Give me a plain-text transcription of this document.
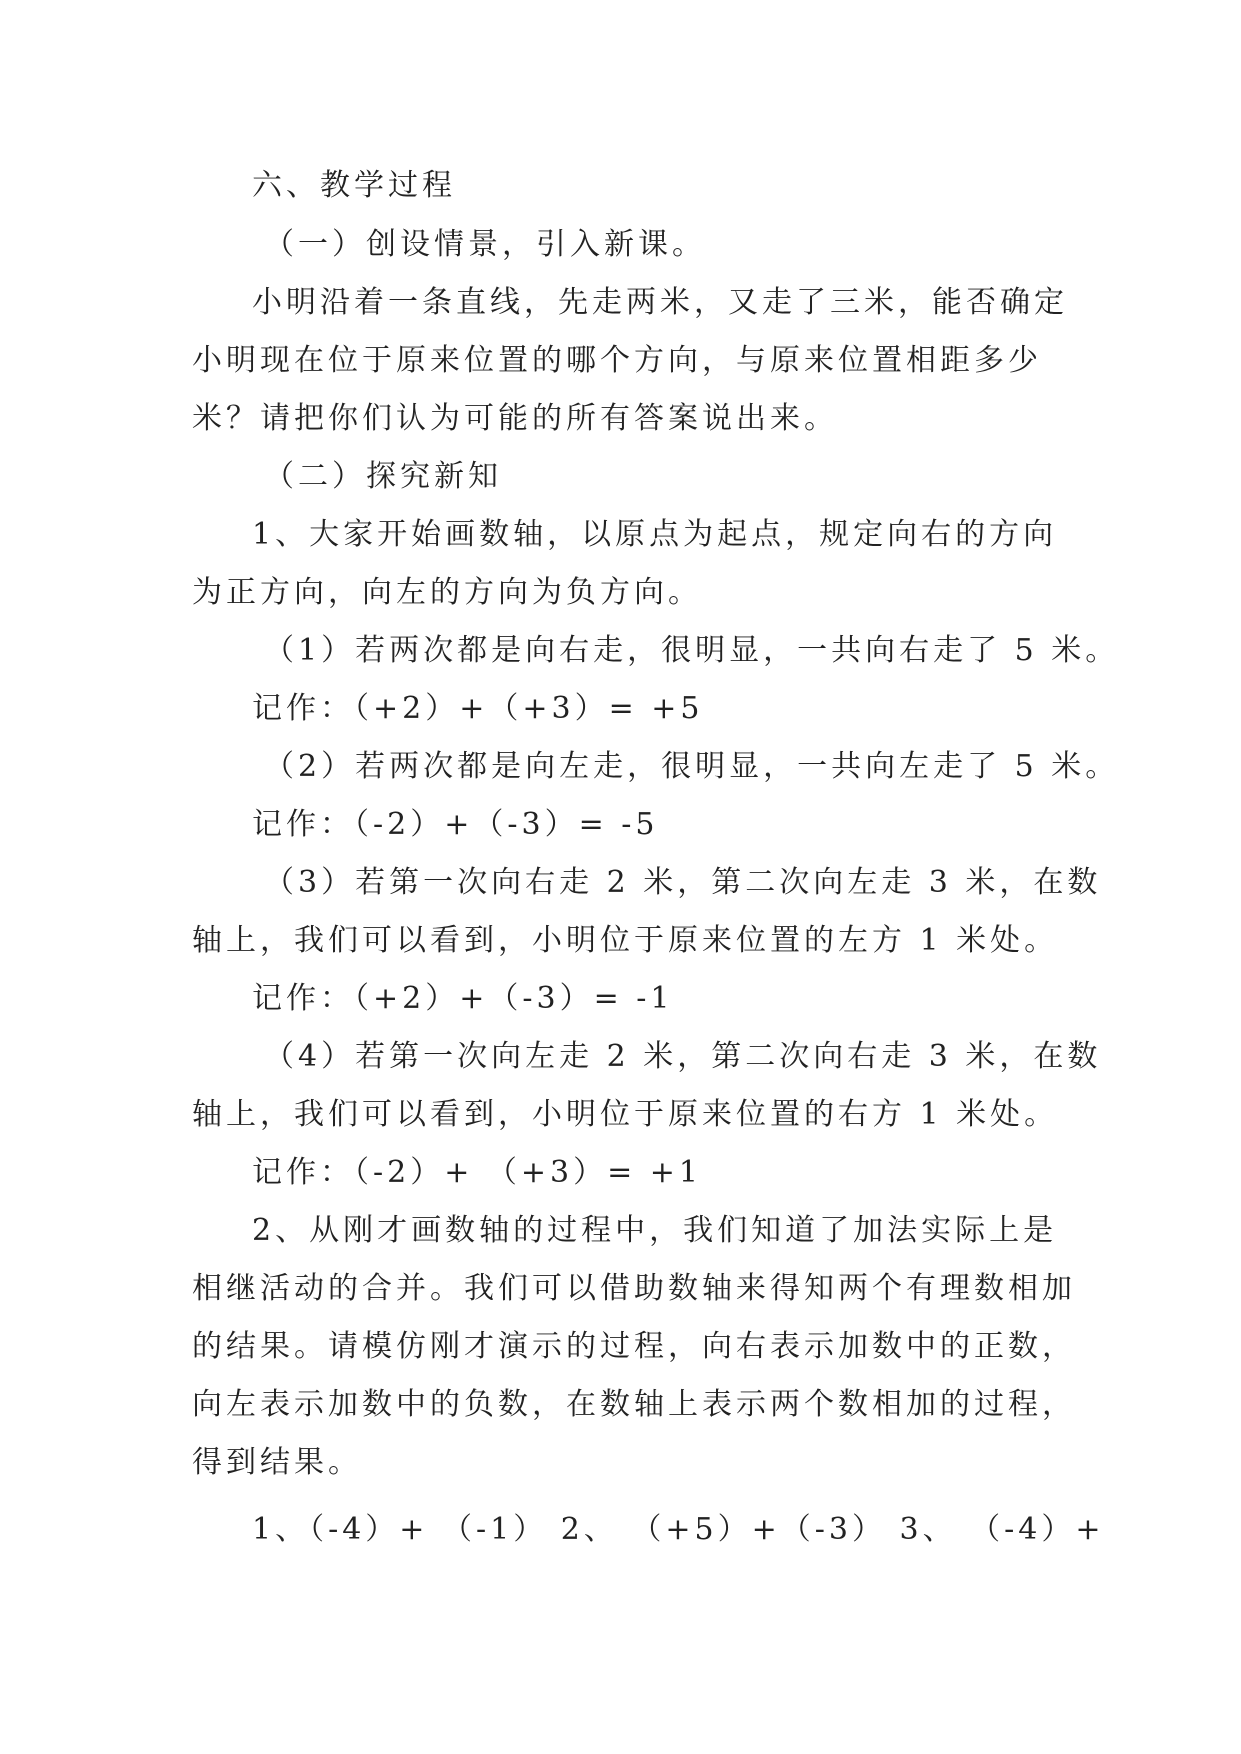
六、教学过程
（一）创设情景，引入新课。
小明沿着一条直线，先走两米，又走了三米，能否确定
小明现在位于原来位置的哪个方向，与原来位置相距多少
米？请把你们认为可能的所有答案说出来。
（二）探究新知
1、大家开始画数轴，以原点为起点，规定向右的方向
为正方向，向左的方向为负方向。
（1）若两次都是向右走，很明显，一共向右走了 5 米。
记作：（+2）+（+3）= +5
（2）若两次都是向左走，很明显，一共向左走了 5 米。
记作：（-2）+（-3）= -5
（3）若第一次向右走 2 米，第二次向左走 3 米，在数
轴上，我们可以看到，小明位于原来位置的左方 1 米处。
记作：（+2）+（-3）= -1
（4）若第一次向左走 2 米，第二次向右走 3 米，在数
轴上，我们可以看到，小明位于原来位置的右方 1 米处。
记作：（-2）+ （+3）= +1
2、从刚才画数轴的过程中，我们知道了加法实际上是
相继活动的合并。我们可以借助数轴来得知两个有理数相加
的结果。请模仿刚才演示的过程，向右表示加数中的正数，
向左表示加数中的负数，在数轴上表示两个数相加的过程，
得到结果。
1、（-4）+ （-1） 2、 （+5）+（-3） 3、 （-4）+
